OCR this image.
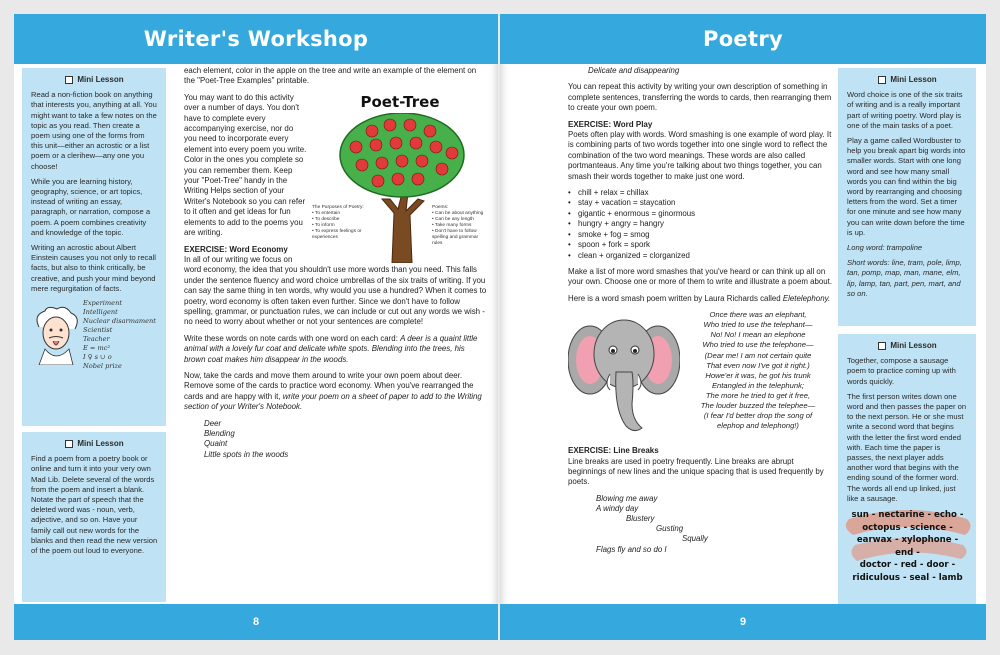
Writer's Workshop
Mini Lesson

Read a non-fiction book on anything that interests you, anything at all. You might want to take a few notes on the topic as you read. Then create a poem using one of the forms from this unit—either an acrostic or a list poem or a clerihew—any one you choose!

While you are learning history, geography, science, or art topics, instead of writing an essay, paragraph, or narration, compose a poem. A poem combines creativity and knowledge of the topic.

Writing an acrostic about Albert Einstein causes you not only to recall facts, but also to think critically, be creative, and push your mind beyond mere regurgitation of facts.

Experiment
Intelligent
Nuclear disarmament
Scientist
Teacher
E = mc²
I ♀ s ∪ o
Nobel prize
Mini Lesson

Find a poem from a poetry book or online and turn it into your very own Mad Lib. Delete several of the words from the poem and insert a blank. Notate the part of speech that the deleted word was - noun, verb, adjective, and so on. Have your family call out new words for the blanks and then read the new version of the poem out loud to everyone.

each element, color in the apple on the tree and write an example of the element on the "Poet-Tree Examples" printable.

Poet-Tree
The Purposes of Poetry:
• To entertain
• To describe
• To inform
• To express feelings or experiences
Poems:
• Can be about anything
• Can be any length
• Take many forms
• Don't have to follow spelling and grammar rules

You may want to do this activity over a number of days. You don't have to complete every accompanying exercise, nor do you need to incorporate every element into every poem you write. Color in the ones you complete so you can remember them. Keep your "Poet-Tree" handy in the Writing Helps section of your Writer's Notebook so you can refer to it often and get ideas for fun elements to add to the poems you are writing.

EXERCISE: Word Economy

In all of our writing we focus on word economy, the idea that you shouldn't use more words than you need. This falls under the sentence fluency and word choice umbrellas of the six traits of writing. If you can say the same thing in ten words, why would you use a hundred? When it comes to poetry, word economy is often taken even further. Since we don't have to follow spelling, grammar, or punctuation rules, we can include or cut out any words we wish - no need to worry about whether or not your sentences are complete!

Write these words on note cards with one word on each card: A deer is a quaint little animal with a lovely fur coat and delicate white spots. Blending into the trees, his brown coat makes him disappear in the woods.

Now, take the cards and move them around to write your own poem about deer. Remove some of the cards to practice word economy. When you've rearranged the cards and are happy with it, write your poem on a sheet of paper to add to the Writing section of your Writer's Notebook.

Deer
Blending
Quaint
Little spots in the woods
8
Poetry

Delicate and disappearing

You can repeat this activity by writing your own description of something in complete sentences, transferring the words to cards, then rearranging them to create your own poem.

EXERCISE: Word Play

Poets often play with words. Word smashing is one example of word play. It is combining parts of two words together into one single word to reflect the combination of the two word meanings. These words are also called portmanteaus. Any time you're talking about two things together, you can smash their words together to make just one word.

• chill + relax = chillax
• stay + vacation = staycation
• gigantic + enormous = ginormous
• hungry + angry = hangry
• smoke + fog = smog
• spoon + fork = spork
• clean + organized = clorganized

Make a list of more word smashes that you've heard or can think up all on your own. Choose one or more of them to write and illustrate a poem about.

Here is a word smash poem written by Laura Richards called Eletelephony.

Once there was an elephant,
Who tried to use the telephant—
No! No! I mean an elephone
Who tried to use the telephone—
(Dear me! I am not certain quite
That even now I've got it right.)
Howe'er it was, he got his trunk
Entangled in the telephunk;
The more he tried to get it free,
The louder buzzed the telephee—
(I fear I'd better drop the song of
elephop and telephong!)
EXERCISE: Line Breaks

Line breaks are used in poetry frequently. Line breaks are abrupt beginnings of new lines and the unique spacing that is used frequently by poets.

Blowing me away
A windy day
Blustery
Gusting
Squally
Flags fly and so do I
Mini Lesson

Word choice is one of the six traits of writing and is a really important part of writing poetry. Word play is one of the main tasks of a poet.

Play a game called Wordbuster to help you break apart big words into smaller words. Start with one long word and see how many small words you can find within the big word by rearranging and choosing letters from the word. Set a timer for one minute and see how many you can write down before the time is up.

Long word: trampoline

Short words: line, tram, pole, limp, tan, pomp, map, man, mane, elm, lip, lamp, tan, part, pen, mart, and so on.

Mini Lesson

Together, compose a sausage poem to practice coming up with words quickly.

The first person writes down one word and then passes the paper on to the next person. He or she must write a second word that begins with the letter the first word ended with. Each time the paper is passes, the next player adds another word that begins with the ending sound of the former word. The words all end up linked, just like a sausage.

sun - nectarine - echo -
octopus - science -
earwax - xylophone - end -
doctor - red - door -
ridiculous - seal - lamb
9
